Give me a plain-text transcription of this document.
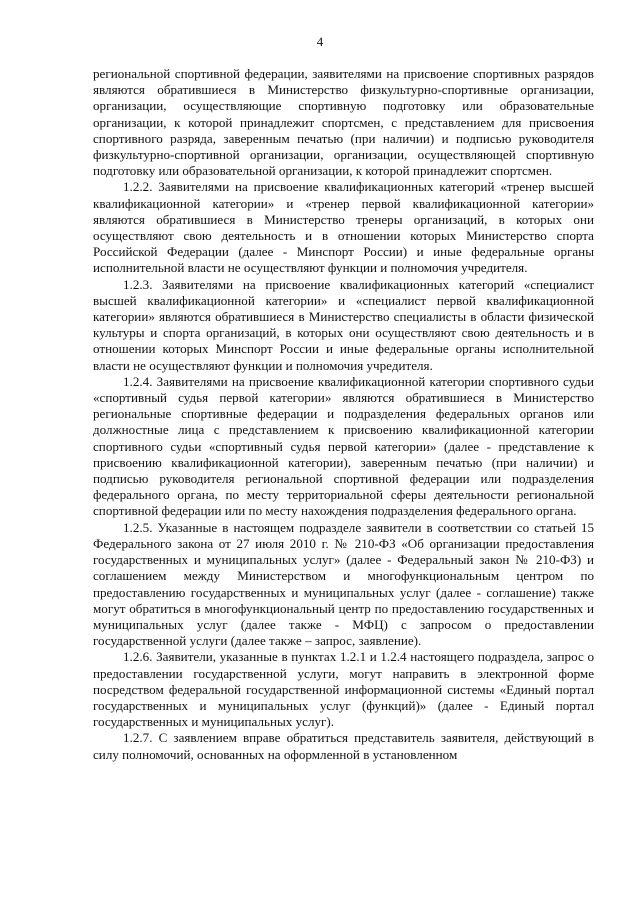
4

региональной спортивной федерации, заявителями на присвоение спортивных разрядов являются обратившиеся в Министерство физкультурно-спортивные организации, организации, осуществляющие спортивную подготовку или образовательные организации, к которой принадлежит спортсмен, с представлением для присвоения спортивного разряда, заверенным печатью (при наличии) и подписью руководителя физкультурно-спортивной организации, организации, осуществляющей спортивную подготовку или образовательной организации, к которой принадлежит спортсмен.

1.2.2. Заявителями на присвоение квалификационных категорий «тренер высшей квалификационной категории» и «тренер первой квалификационной категории» являются обратившиеся в Министерство тренеры организаций, в которых они осуществляют свою деятельность и в отношении которых Министерство спорта Российской Федерации (далее - Минспорт России) и иные федеральные органы исполнительной власти не осуществляют функции и полномочия учредителя.

1.2.3. Заявителями на присвоение квалификационных категорий «специалист высшей квалификационной категории» и «специалист первой квалификационной категории» являются обратившиеся в Министерство специалисты в области физической культуры и спорта организаций, в которых они осуществляют свою деятельность и в отношении которых Минспорт России и иные федеральные органы исполнительной власти не осуществляют функции и полномочия учредителя.

1.2.4. Заявителями на присвоение квалификационной категории спортивного судьи «спортивный судья первой категории» являются обратившиеся в Министерство региональные спортивные федерации и подразделения федеральных органов или должностные лица с представлением к присвоению квалификационной категории спортивного судьи «спортивный судья первой категории» (далее - представление к присвоению квалификационной категории), заверенным печатью (при наличии) и подписью руководителя региональной спортивной федерации или подразделения федерального органа, по месту территориальной сферы деятельности региональной спортивной федерации или по месту нахождения подразделения федерального органа.

1.2.5. Указанные в настоящем подразделе заявители в соответствии со статьей 15 Федерального закона от 27 июля 2010 г. № 210-ФЗ «Об организации предоставления государственных и муниципальных услуг» (далее - Федеральный закон № 210-ФЗ) и соглашением между Министерством и многофункциональным центром по предоставлению государственных и муниципальных услуг (далее - соглашение) также могут обратиться в многофункциональный центр по предоставлению государственных и муниципальных услуг (далее также - МФЦ) с запросом о предоставлении государственной услуги (далее также – запрос, заявление).

1.2.6. Заявители, указанные в пунктах 1.2.1 и 1.2.4 настоящего подраздела, запрос о предоставлении государственной услуги, могут направить в электронной форме посредством федеральной государственной информационной системы «Единый портал государственных и муниципальных услуг (функций)» (далее - Единый портал государственных и муниципальных услуг).

1.2.7. С заявлением вправе обратиться представитель заявителя, действующий в силу полномочий, основанных на оформленной в установленном
